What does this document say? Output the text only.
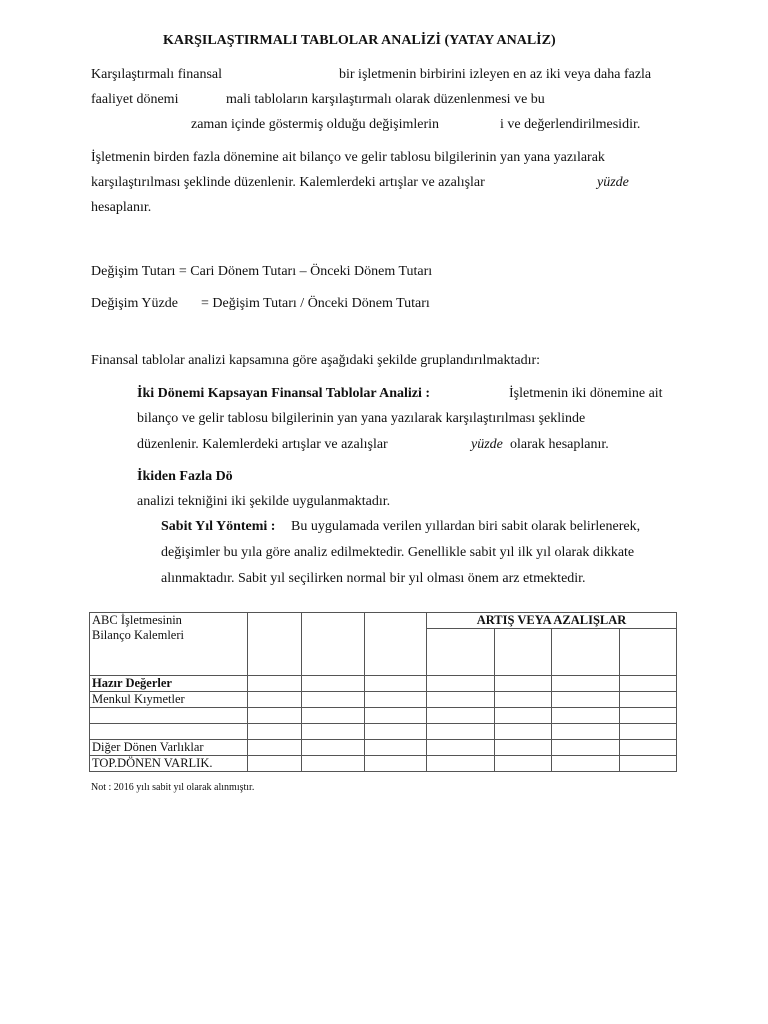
KARŞILAŞTIRMALI TABLOLAR ANALİZİ (YATAY ANALİZ)
Karşılaştırmalı finansal	bir işletmenin birbirini izleyen en az iki veya daha fazla
faaliyet dönemi	mali tabloların karşılaştırmalı olarak düzenlenmesi ve bu
zaman içinde göstermiş olduğu değişimlerin	i ve değerlendirilmesidir.
İşletmenin birden fazla dönemine ait bilanço ve gelir tablosu bilgilerinin yan yana yazılarak
karşılaştırılması şeklinde düzenlenir. Kalemlerdeki artışlar ve azalışlar	yüzde
hesaplanır.
Değişim Tutarı = Cari Dönem Tutarı – Önceki Dönem Tutarı
Değişim Yüzde = Değişim Tutarı / Önceki Dönem Tutarı
Finansal tablolar analizi kapsamına göre aşağıdaki şekilde gruplandırılmaktadır:
İki Dönemi Kapsayan Finansal Tablolar Analizi :	İşletmenin iki dönemine ait
bilanço ve gelir tablosu bilgilerinin yan yana yazılarak karşılaştırılması şeklinde
düzenlenir. Kalemlerdeki artışlar ve azalışlar	yüzde olarak hesaplanır.
İkiden Fazla Dö
analizi tekniğini iki şekilde uygulanmaktadır.
Sabit Yıl Yöntemi : Bu uygulamada verilen yıllardan biri sabit olarak belirlenerek,
değişimler bu yıla göre analiz edilmektedir. Genellikle sabit yıl ilk yıl olarak dikkate
alınmaktadır. Sabit yıl seçilirken normal bir yıl olması önem arz etmektedir.
ABC İşletmesinin
Bilanço Kalemleri				ARTIŞ VEYA AZALIŞLAR			

Hazır Değerler							
Menkul Kıymetler							

Diğer Dönen Varlıklar							
TOP.DÖNEN VARLIK.							
Not : 2016 yılı sabit yıl olarak alınmıştır.
